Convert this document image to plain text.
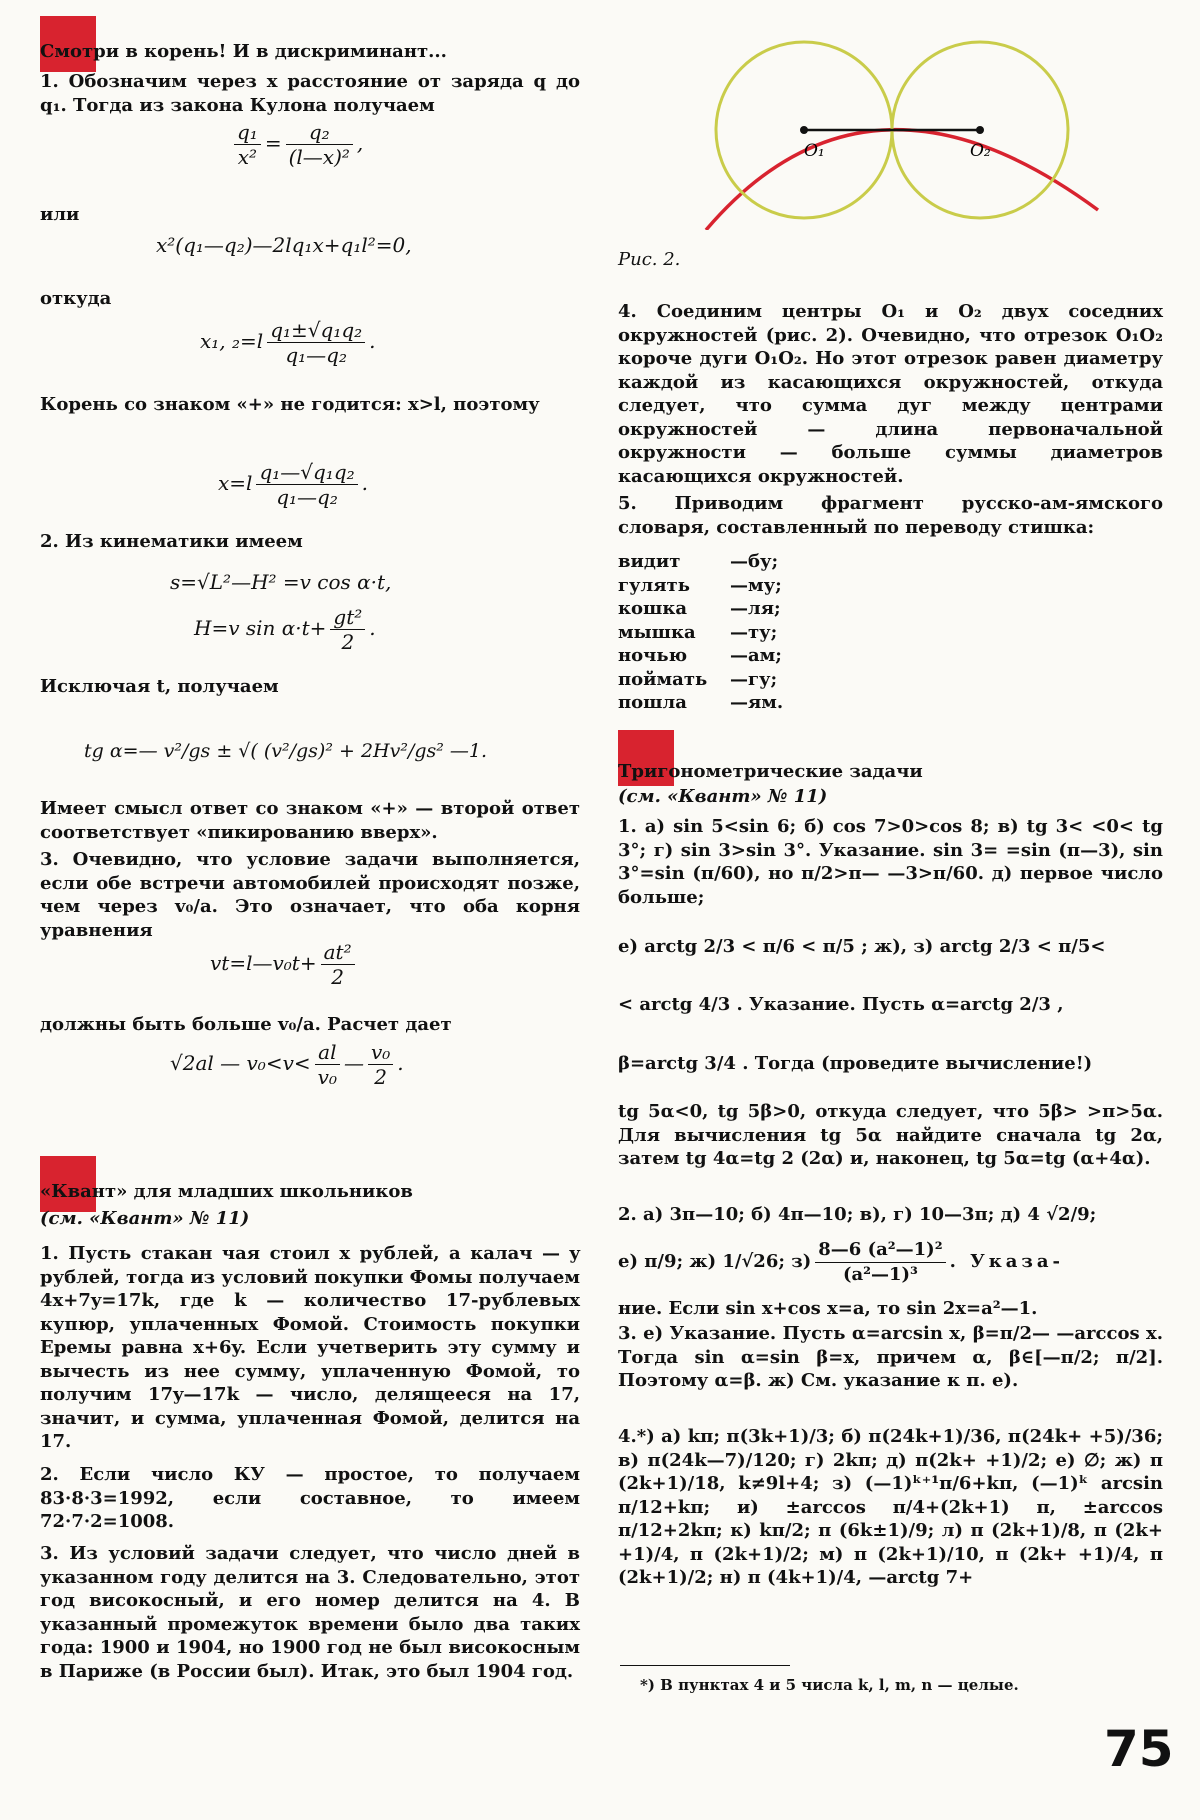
Смотри в корень! И в дискриминант...
1. Обозначим через x расстояние от заряда q до q₁. Тогда из закона Кулона получаем
$\frac{\text{q₁}}{\text{x²}} = \frac{\text{q₂}}{\text{(l—x)²}}$ ,
или
x²(q₁—q₂)—2lq₁x+q₁l²=0,
откуда
x₁, $_2=l \frac{\text{q₁±√q₁q₂}}{\text{q₁—q₂}}$ .
Корень со знаком «+» не годится: x>l, поэтому
$x=l \frac{\text{q₁—√q₁q₂}}{\text{q₁—q₂}}$ .
2. Из кинематики имеем
s=√L²—H² =v cos α·t,
H=v $\sin \alpha\cdot t+ \frac{\text{gt²}}{2}$ .
Исключая t, получаем
tg α=— v²/gs ± √( (v²/gs)² + 2Hv²/gs² —1.
Имеет смысл ответ со знаком «+» — второй ответ соответствует «пикированию вверх».
3. Очевидно, что условие задачи выполняется, если обе встречи автомобилей происходят позже, чем через v₀/a. Это означает, что оба корня уравнения
vt=l—v₀t+ $\frac{\text{at²}}{2}$
должны быть больше v₀/a. Расчет дает
√2al — $v_0<v< \frac{al}{\text{v₀}}$ — $\frac{\text{v₀}}{2}$ .
«Квант» для младших школьников
(см. «Квант» № 11)
1. Пусть стакан чая стоил x рублей, а калач — y рублей, тогда из условий покупки Фомы получаем 4x+7y=17k, где k — количество 17-рублевых купюр, уплаченных Фомой. Стоимость покупки Еремы равна x+6y. Если учетверить эту сумму и вычесть из нее сумму, уплаченную Фомой, то получим 17y—17k — число, делящееся на 17, значит, и сумма, уплаченная Фомой, делится на 17.
2. Если число КУ — простое, то получаем 83·8·3=1992, если составное, то имеем 72·7·2=1008.
3. Из условий задачи следует, что число дней в указанном году делится на 3. Следовательно, этот год високосный, и его номер делится на 4. В указанный промежуток времени было два таких года: 1900 и 1904, но 1900 год не был високосным в Париже (в России был). Итак, это был 1904 год.
O₁	O₂
Рис. 2.
4. Соединим центры O₁ и O₂ двух соседних окружностей (рис. 2). Очевидно, что отрезок O₁O₂ короче дуги O₁O₂. Но этот отрезок равен диаметру каждой из касающихся окружностей, откуда следует, что сумма дуг между центрами окружностей — длина первоначальной окружности — больше суммы диаметров касающихся окружностей.
5. Приводим фрагмент русско-ам-ямского словаря, составленный по переводу стишка:
видит	—бу;
гулять	—му;
кошка	—ля;
мышка	—ту;
ночью	—ам;
поймать	—гу;
пошла	—ям.
Тригонометрические задачи
(см. «Квант» № 11)
1. а) sin 5<sin 6; б) cos 7>0>cos 8; в) tg 3< <0< tg 3°; г) sin 3>sin 3°. Указание. sin 3= =sin (π—3), sin 3°=sin (π/60), но π/2>π— —3>π/60. д) первое число больше;
е) arctg 2/3 < π/6 < π/5 ; ж), з) arctg 2/3 < π/5<
< arctg 4/3 . Указание. Пусть α=arctg 2/3 ,
β=arctg 3/4 . Тогда (проведите вычисление!)
tg 5α<0, tg 5β>0, откуда следует, что 5β> >π>5α. Для вычисления tg 5α найдите сначала tg 2α, затем tg 4α=tg 2 (2α) и, наконец, tg 5α=tg (α+4α).
2. а) 3π—10; б) 4π—10; в), г) 10—3π; д) 4 √2/9;
е) π/9; ж) 1/√26; $з) \frac{\text{8—6 (a²—1)²}}{\text{(a²—1)³}}$ . Указа-
ние. Если sin x+cos x=a, то sin 2x=a²—1.
3. е) Указание. Пусть α=arcsin x, β=π/2— —arccos x. Тогда sin α=sin β=x, причем α, β∈[—π/2; π/2]. Поэтому α=β. ж) См. указание к п. е).
4.*) а) kπ; π(3k+1)/3; б) π(24k+1)/36, π(24k+ +5)/36; в) π(24k—7)/120; г) 2kπ; д) π(2k+ +1)/2; е) ∅; ж) π (2k+1)/18, k≠9l+4; з) (—1)ᵏ⁺¹π/6+kπ, (—1)ᵏ arcsin π/12+kπ; и) ±arccos π/4+(2k+1) π, ±arccos π/12+2kπ; к) kπ/2; π (6k±1)/9; л) π (2k+1)/8, π (2k+ +1)/4, π (2k+1)/2; м) π (2k+1)/10, π (2k+ +1)/4, π (2k+1)/2; н) π (4k+1)/4, —arctg 7+
*) В пунктах 4 и 5 числа k, l, m, n — целые.
75
